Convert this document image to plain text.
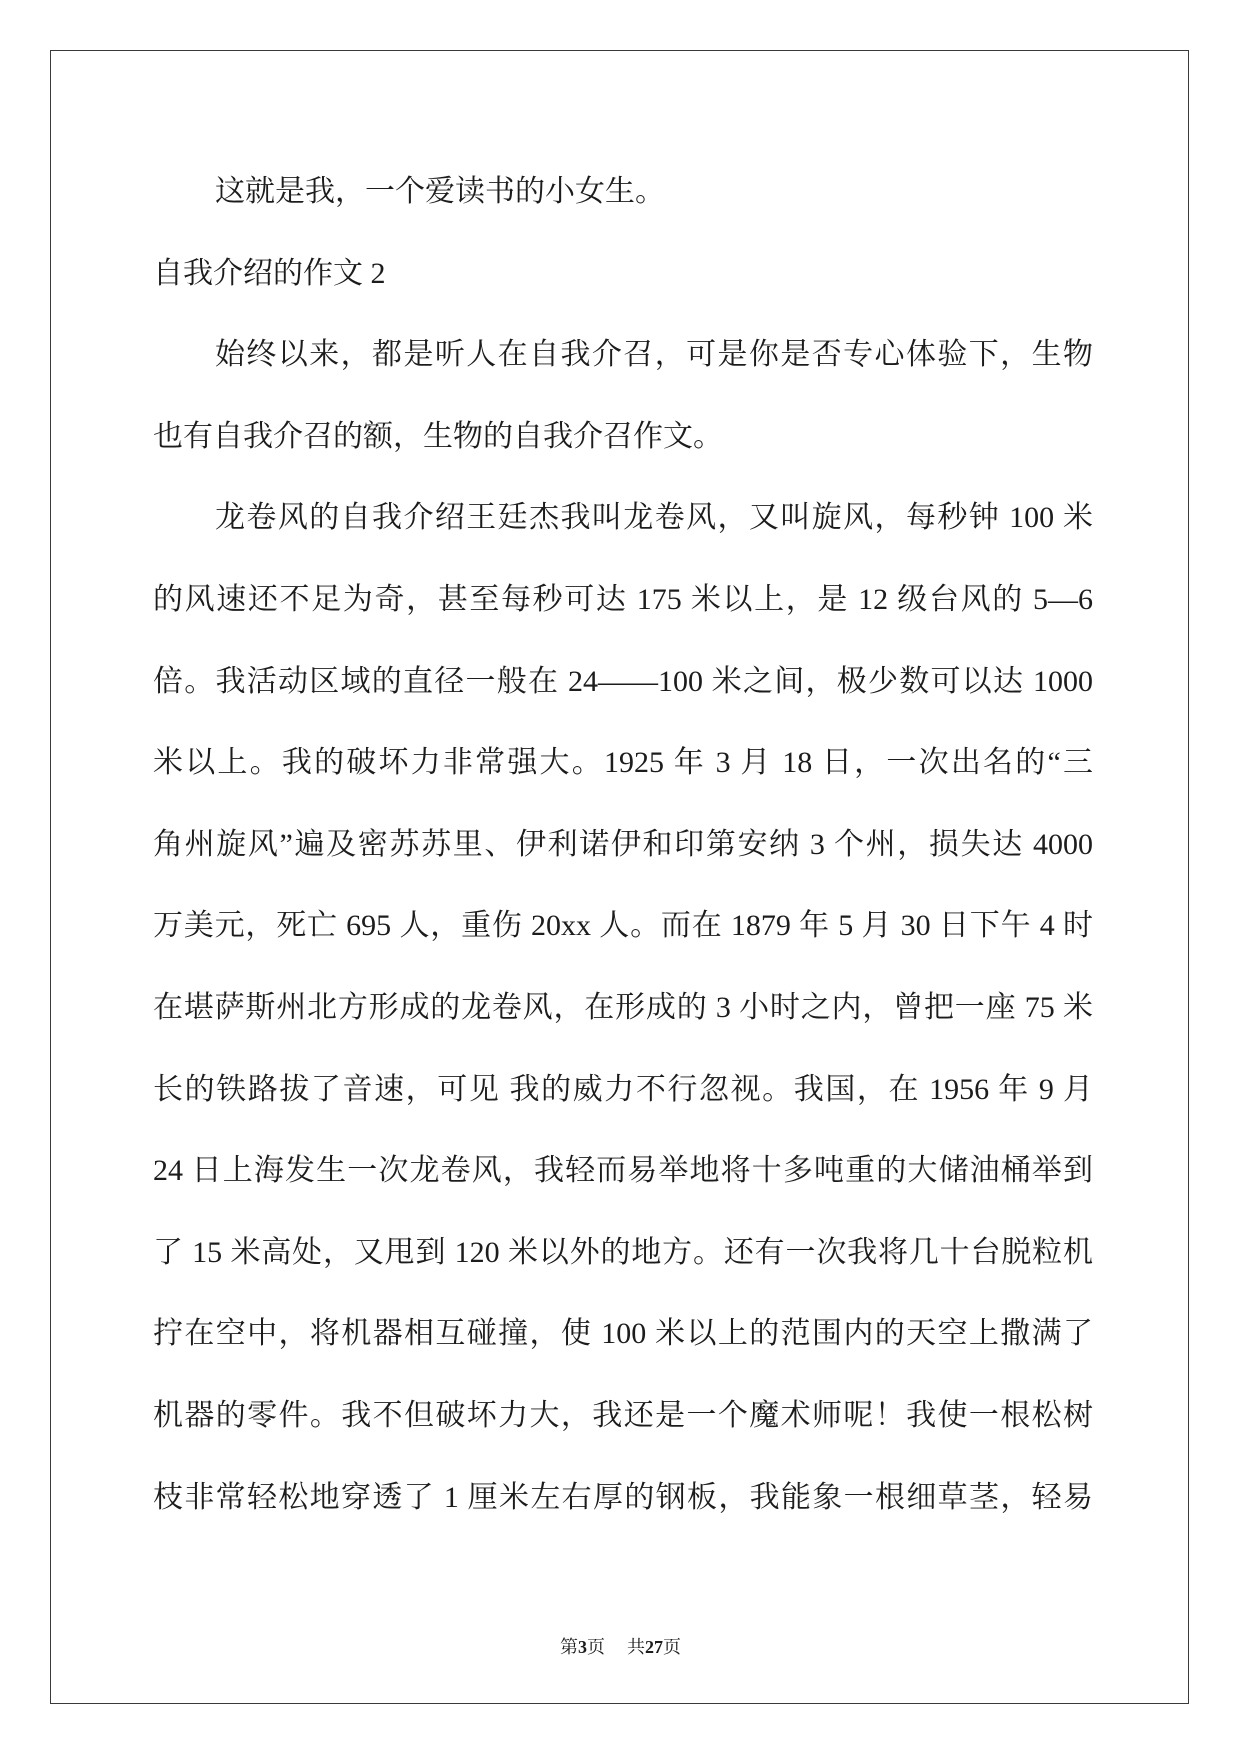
这就是我，一个爱读书的小女生。
自我介绍的作文 2
始终以来，都是听人在自我介召，可是你是否专心体验下，生物
也有自我介召的额，生物的自我介召作文。
龙卷风的自我介绍王廷杰我叫龙卷风，又叫旋风，每秒钟 100 米
的风速还不足为奇，甚至每秒可达 175 米以上，是 12 级台风的 5—6
倍。我活动区域的直径一般在 24——100 米之间，极少数可以达 1000
米以上。我的破坏力非常强大。1925 年 3 月 18 日，一次出名的“三
角州旋风”遍及密苏苏里、伊利诺伊和印第安纳 3 个州，损失达 4000
万美元，死亡 695 人，重伤 20xx 人。而在 1879 年 5 月 30 日下午 4 时
在堪萨斯州北方形成的龙卷风，在形成的 3 小时之内，曾把一座 75 米
长的铁路拔了音速，可见 我的威力不行忽视。我国，在 1956 年 9 月
24 日上海发生一次龙卷风，我轻而易举地将十多吨重的大储油桶举到
了 15 米高处，又甩到 120 米以外的地方。还有一次我将几十台脱粒机
拧在空中，将机器相互碰撞，使 100 米以上的范围内的天空上撒满了
机器的零件。我不但破坏力大，我还是一个魔术师呢！我使一根松树
枝非常轻松地穿透了 1 厘米左右厚的钢板，我能象一根细草茎，轻易
第3页 共27页
